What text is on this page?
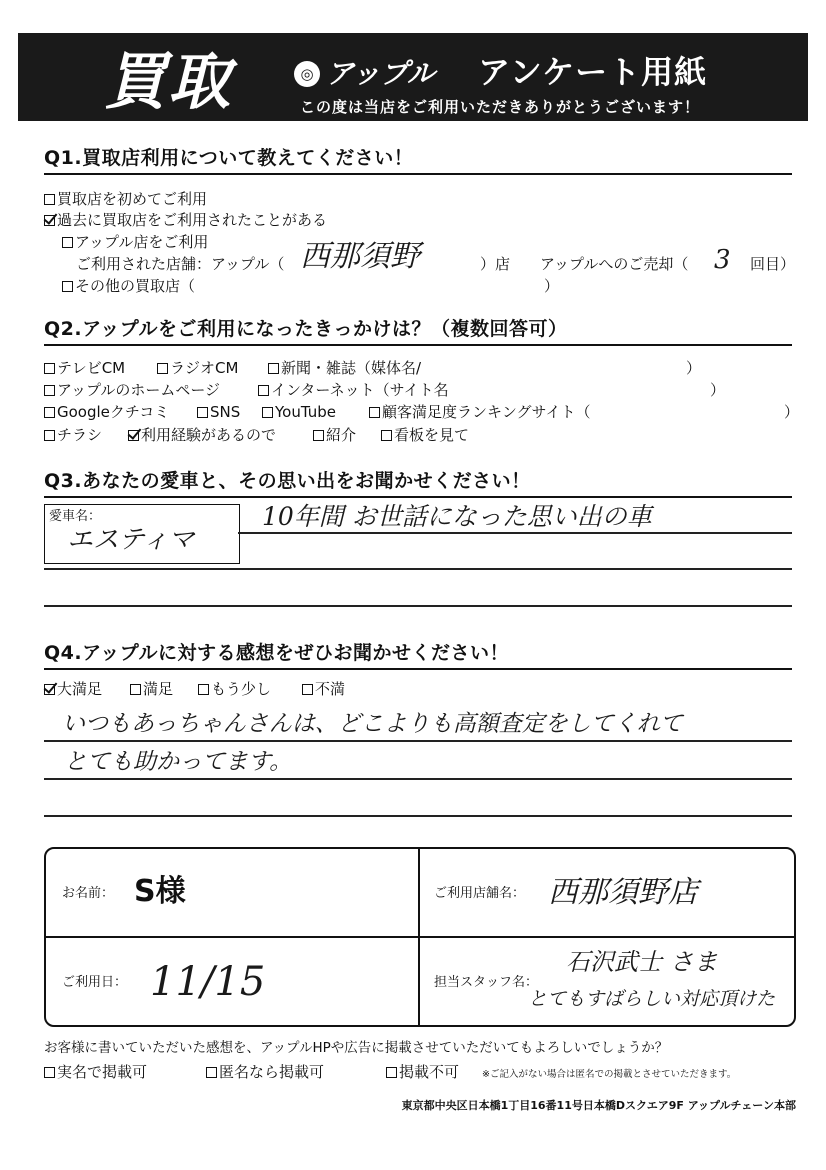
買取	◎ アップル アンケート用紙
この度は当店をご利用いただきありがとうございます！
Q1.買取店利用について教えてください！
買取店を初めてご利用
過去に買取店をご利用されたことがある
アップル店をご利用
ご利用された店舗：アップル（ 西那須野	）店 アップルへのご売却（ 3 回目）
その他の買取店（	）
Q2.アップルをご利用になったきっかけは？（複数回答可）
テレビCM	ラジオCM	新聞・雑誌（媒体名/	）
アップルのホームページ	インターネット（サイト名	）
Googleクチコミ	SNS	YouTube	顧客満足度ランキングサイト（	）
チラシ	利用経験があるので	紹介	看板を見て
Q3.あなたの愛車と、その思い出をお聞かせください！
愛車名：
エスティマ
10年間 お世話になった思い出の車
Q4.アップルに対する感想をぜひお聞かせください！
大満足	満足	もう少し	不満
いつもあっちゃんさんは、どこよりも高額査定をしてくれて
とても助かってます。
お名前： S様	ご利用店舗名： 西那須野店
ご利用日： 11/15	担当スタッフ名：
石沢武士 さま
とてもすばらしい対応頂けた
お客様に書いていただいた感想を、アップルHPや広告に掲載させていただいてもよろしいでしょうか？
実名で掲載可	匿名なら掲載可	掲載不可 ※ご記入がない場合は匿名での掲載とさせていただきます。
東京都中央区日本橋1丁目16番11号日本橋Dスクエア9F アップルチェーン本部
